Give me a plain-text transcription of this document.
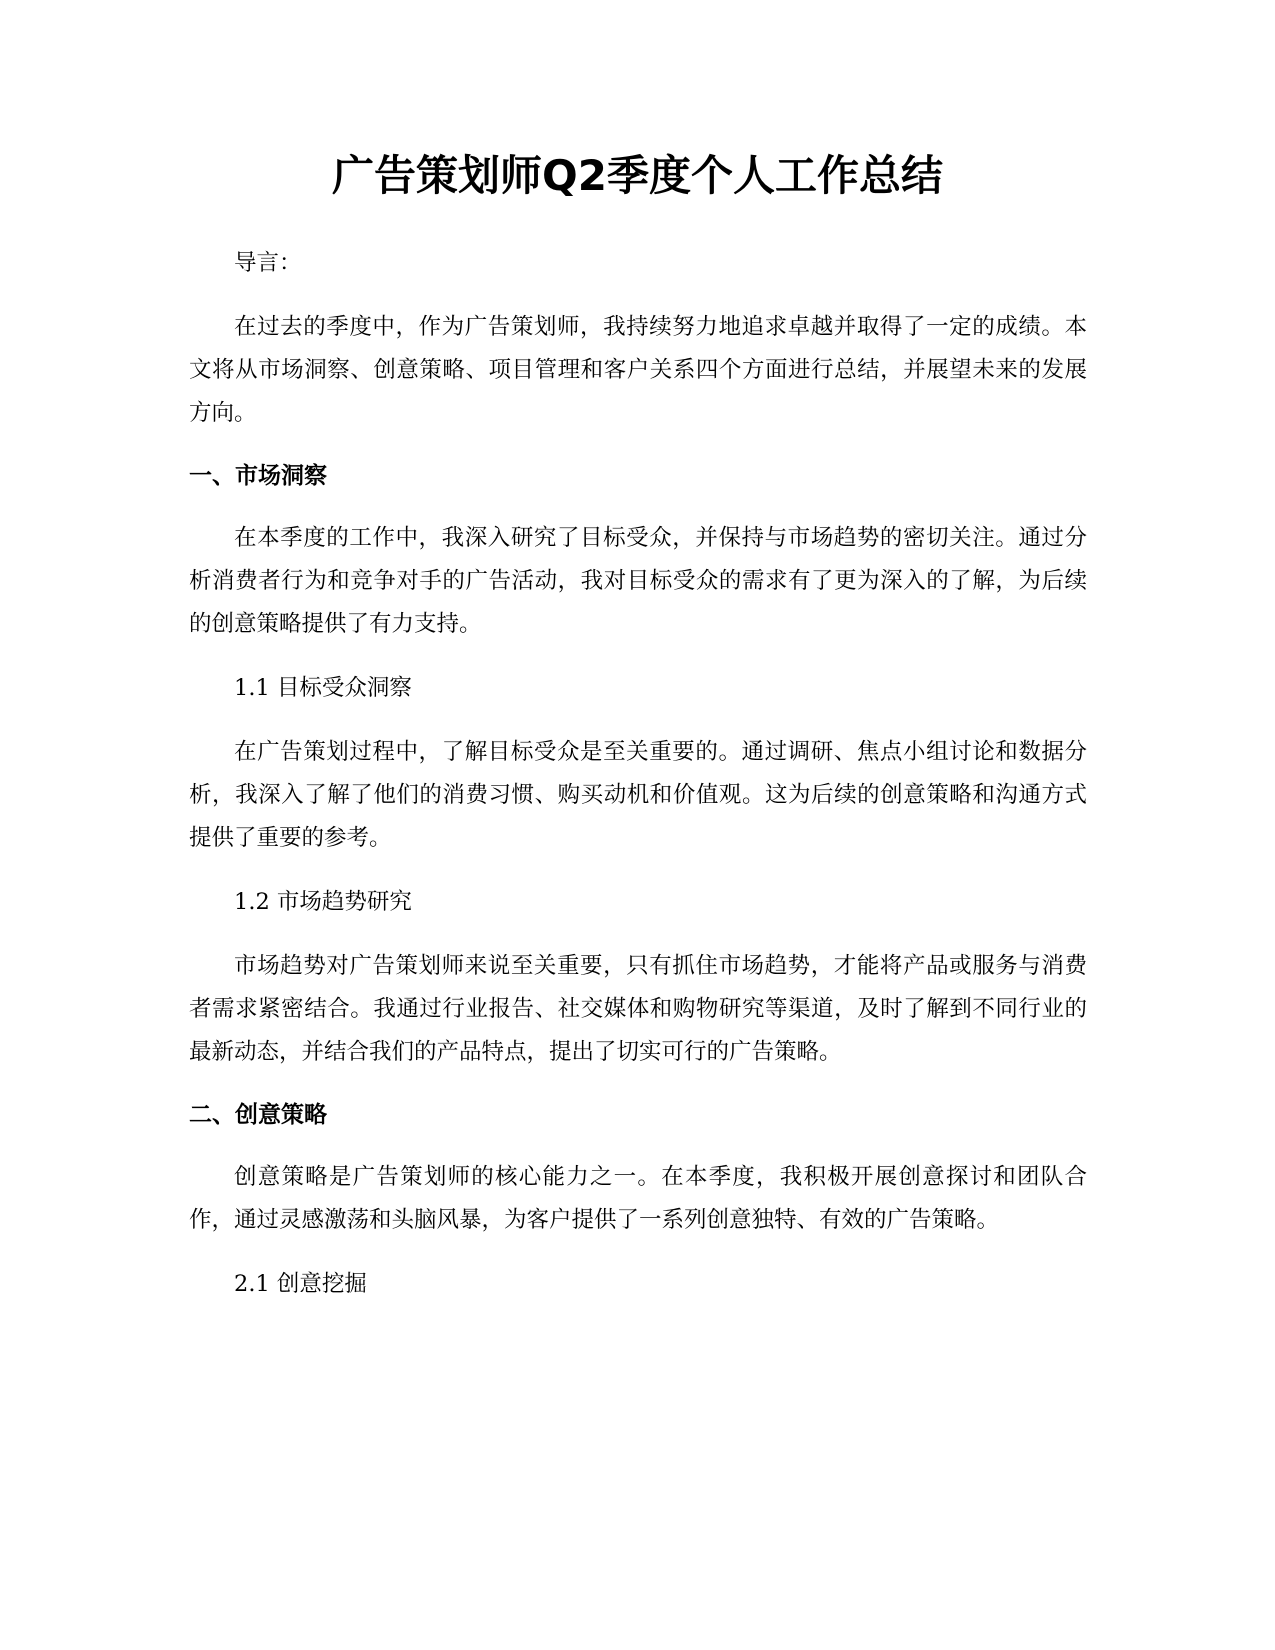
广告策划师Q2季度个人工作总结

导言：

在过去的季度中，作为广告策划师，我持续努力地追求卓越并取得了一定的成绩。本文将从市场洞察、创意策略、项目管理和客户关系四个方面进行总结，并展望未来的发展方向。

一、市场洞察

在本季度的工作中，我深入研究了目标受众，并保持与市场趋势的密切关注。通过分析消费者行为和竞争对手的广告活动，我对目标受众的需求有了更为深入的了解，为后续的创意策略提供了有力支持。

1.1 目标受众洞察

在广告策划过程中，了解目标受众是至关重要的。通过调研、焦点小组讨论和数据分析，我深入了解了他们的消费习惯、购买动机和价值观。这为后续的创意策略和沟通方式提供了重要的参考。

1.2 市场趋势研究

市场趋势对广告策划师来说至关重要，只有抓住市场趋势，才能将产品或服务与消费者需求紧密结合。我通过行业报告、社交媒体和购物研究等渠道，及时了解到不同行业的最新动态，并结合我们的产品特点，提出了切实可行的广告策略。

二、创意策略

创意策略是广告策划师的核心能力之一。在本季度，我积极开展创意探讨和团队合作，通过灵感激荡和头脑风暴，为客户提供了一系列创意独特、有效的广告策略。

2.1 创意挖掘
